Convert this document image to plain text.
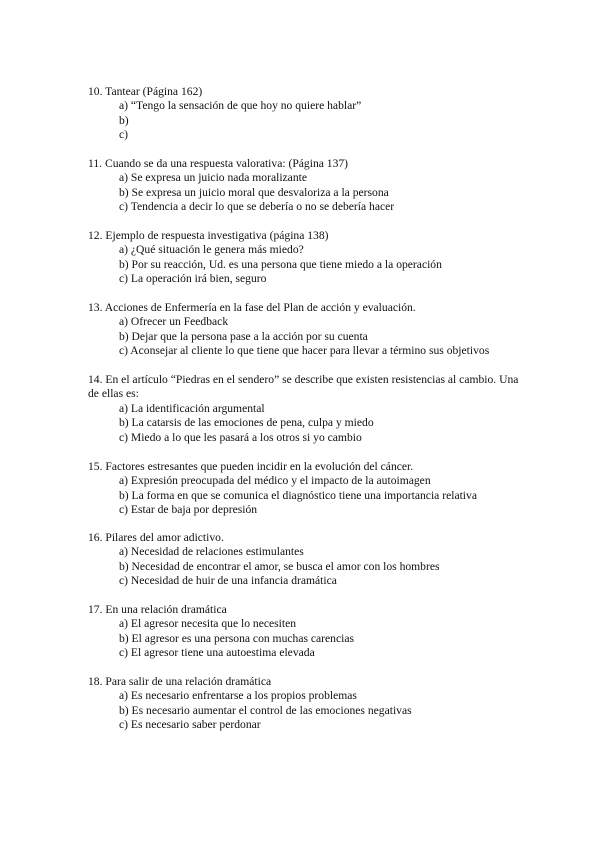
10. Tantear (Página 162)
a) “Tengo la sensación de que hoy no quiere hablar”
b)
c)
11. Cuando se da una respuesta valorativa: (Página 137)
a) Se expresa un juicio nada moralizante
b) Se expresa un juicio moral que desvaloriza a la persona
c) Tendencia a decir lo que se debería o no se debería hacer
12. Ejemplo de respuesta investigativa (página 138)
a) ¿Qué situación le genera más miedo?
b) Por su reacción, Ud. es una persona que tiene miedo a la operación
c) La operación irá bien, seguro
13. Acciones de Enfermería en la fase del Plan de acción y evaluación.
a) Ofrecer un Feedback
b) Dejar que la persona pase a la acción por su cuenta
c) Aconsejar al cliente lo que tiene que hacer para llevar a término sus objetivos
14. En el artículo “Piedras en el sendero” se describe que existen resistencias al cambio. Una de ellas es:
a) La identificación argumental
b) La catarsis de las emociones de pena, culpa y miedo
c) Miedo a lo que les pasará a los otros si yo cambio
15. Factores estresantes que pueden incidir en la evolución del cáncer.
a) Expresión preocupada del médico y el impacto de la autoimagen
b) La forma en que se comunica el diagnóstico tiene una importancia relativa
c) Estar de baja por depresión
16. Pilares del amor adictivo.
a) Necesidad de relaciones estimulantes
b) Necesidad de encontrar el amor, se busca el amor con los hombres
c) Necesidad de huir de una infancia dramática
17. En una relación dramática
a) El agresor necesita que lo necesiten
b) El agresor es una persona con muchas carencias
c) El agresor tiene una autoestima elevada
18. Para salir de una relación dramática
a) Es necesario enfrentarse a los propios problemas
b) Es necesario aumentar el control de las emociones negativas
c) Es necesario saber perdonar
